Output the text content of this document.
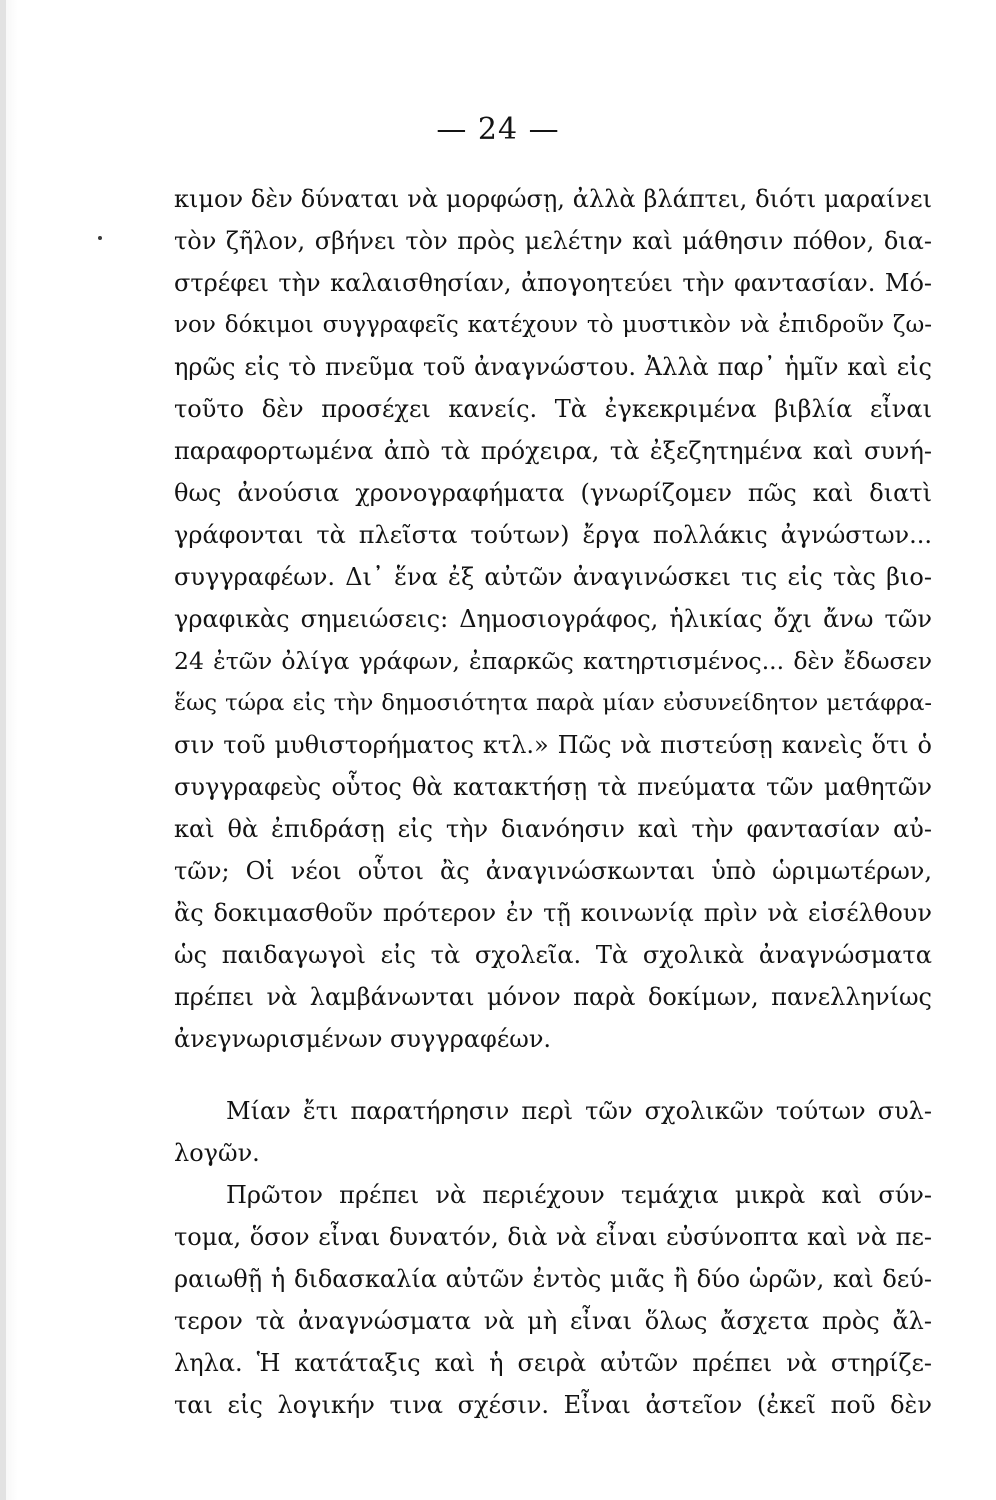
— 24 —
κιμον δὲν δύναται νὰ μορφώσῃ, ἀλλὰ βλάπτει, διότι μαραίνει
τὸν ζῆλον, σβήνει τὸν πρὸς μελέτην καὶ μάθησιν πόθον, δια-
στρέφει τὴν καλαισθησίαν, ἀπογοητεύει τὴν φαντασίαν. Μό-
νον δόκιμοι συγγραφεῖς κατέχουν τὸ μυστικὸν νὰ ἐπιδροῦν ζω-
ηρῶς εἰς τὸ πνεῦμα τοῦ ἀναγνώστου. Ἀλλὰ παρ᾽ ἡμῖν καὶ εἰς
τοῦτο δὲν προσέχει κανείς. Τὰ ἐγκεκριμένα βιβλία εἶναι
παραφορτωμένα ἀπὸ τὰ πρόχειρα, τὰ ἐξεζητημένα καὶ συνή-
θως ἀνούσια χρονογραφήματα (γνωρίζομεν πῶς καὶ διατὶ
γράφονται τὰ πλεῖστα τούτων) ἔργα πολλάκις ἀγνώστων...
συγγραφέων. Δι᾽ ἕνα ἐξ αὐτῶν ἀναγινώσκει τις εἰς τὰς βιο-
γραφικὰς σημειώσεις: Δημοσιογράφος, ἡλικίας ὄχι ἄνω τῶν
24 ἐτῶν ὀλίγα γράφων, ἐπαρκῶς κατηρτισμένος... δὲν ἔδωσεν
ἕως τώρα εἰς τὴν δημοσιότητα παρὰ μίαν εὐσυνείδητον μετάφρα-
σιν τοῦ μυθιστορήματος κτλ.» Πῶς νὰ πιστεύσῃ κανεὶς ὅτι ὁ
συγγραφεὺς οὗτος θὰ κατακτήσῃ τὰ πνεύματα τῶν μαθητῶν
καὶ θὰ ἐπιδράσῃ εἰς τὴν διανόησιν καὶ τὴν φαντασίαν αὐ-
τῶν; Οἱ νέοι οὗτοι ἂς ἀναγινώσκωνται ὑπὸ ὡριμωτέρων,
ἂς δοκιμασθοῦν πρότερον ἐν τῇ κοινωνίᾳ πρὶν νὰ εἰσέλθουν
ὡς παιδαγωγοὶ εἰς τὰ σχολεῖα. Τὰ σχολικὰ ἀναγνώσματα
πρέπει νὰ λαμβάνωνται μόνον παρὰ δοκίμων, πανελληνίως
ἀνεγνωρισμένων συγγραφέων.
Μίαν ἔτι παρατήρησιν περὶ τῶν σχολικῶν τούτων συλ-
λογῶν.
Πρῶτον πρέπει νὰ περιέχουν τεμάχια μικρὰ καὶ σύν-
τομα, ὅσον εἶναι δυνατόν, διὰ νὰ εἶναι εὐσύνοπτα καὶ νὰ πε-
ραιωθῇ ἡ διδασκαλία αὐτῶν ἐντὸς μιᾶς ἢ δύο ὡρῶν, καὶ δεύ-
τερον τὰ ἀναγνώσματα νὰ μὴ εἶναι ὅλως ἄσχετα πρὸς ἄλ-
ληλα. Ἡ κατάταξις καὶ ἡ σειρὰ αὐτῶν πρέπει νὰ στηρίζε-
ται εἰς λογικήν τινα σχέσιν. Εἶναι ἀστεῖον (ἐκεῖ ποῦ δὲν
